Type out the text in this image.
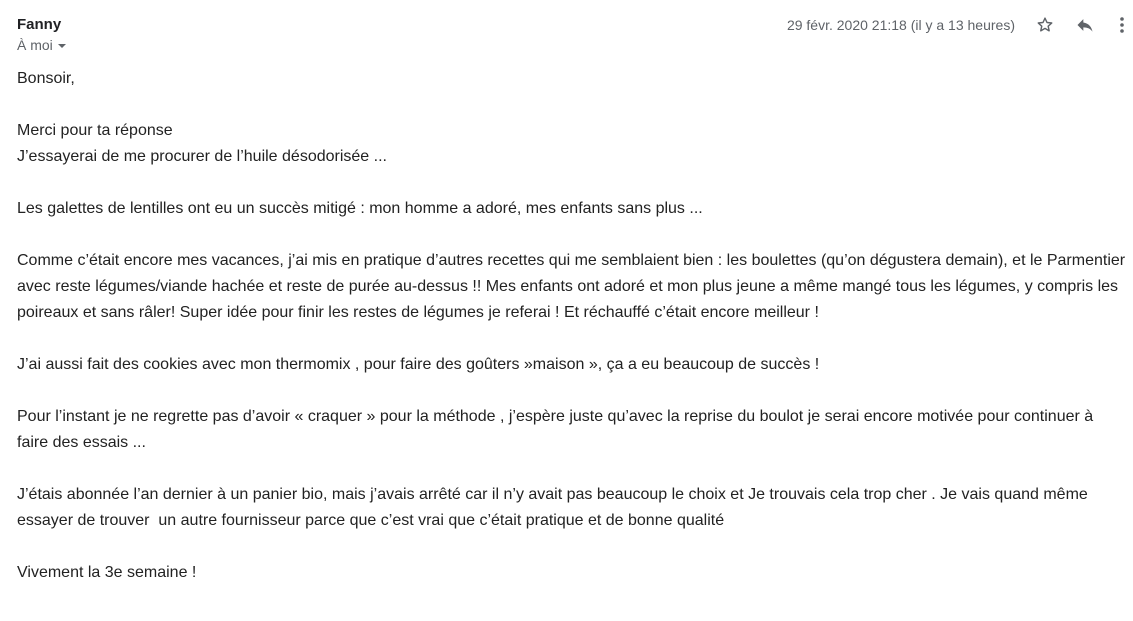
Fanny
À moi
29 févr. 2020 21:18 (il y a 13 heures)

Bonsoir,

Merci pour ta réponse
J’essayerai de me procurer de l’huile désodorisée ...

Les galettes de lentilles ont eu un succès mitigé : mon homme a adoré, mes enfants sans plus ...

Comme c’était encore mes vacances, j’ai mis en pratique d’autres recettes qui me semblaient bien : les boulettes (qu’on dégustera demain), et le Parmentier avec reste légumes/viande hachée et reste de purée au-dessus !! Mes enfants ont adoré et mon plus jeune a même mangé tous les légumes, y compris les poireaux et sans râler! Super idée pour finir les restes de légumes je referai ! Et réchauffé c’était encore meilleur !

J’ai aussi fait des cookies avec mon thermomix , pour faire des goûters »maison », ça a eu beaucoup de succès !

Pour l’instant je ne regrette pas d’avoir « craquer » pour la méthode , j’espère juste qu’avec la reprise du boulot je serai encore motivée pour continuer à faire des essais ...

J’étais abonnée l’an dernier à un panier bio, mais j’avais arrêté car il n’y avait pas beaucoup le choix et Je trouvais cela trop cher . Je vais quand même essayer de trouver  un autre fournisseur parce que c’est vrai que c’était pratique et de bonne qualité

Vivement la 3e semaine !
